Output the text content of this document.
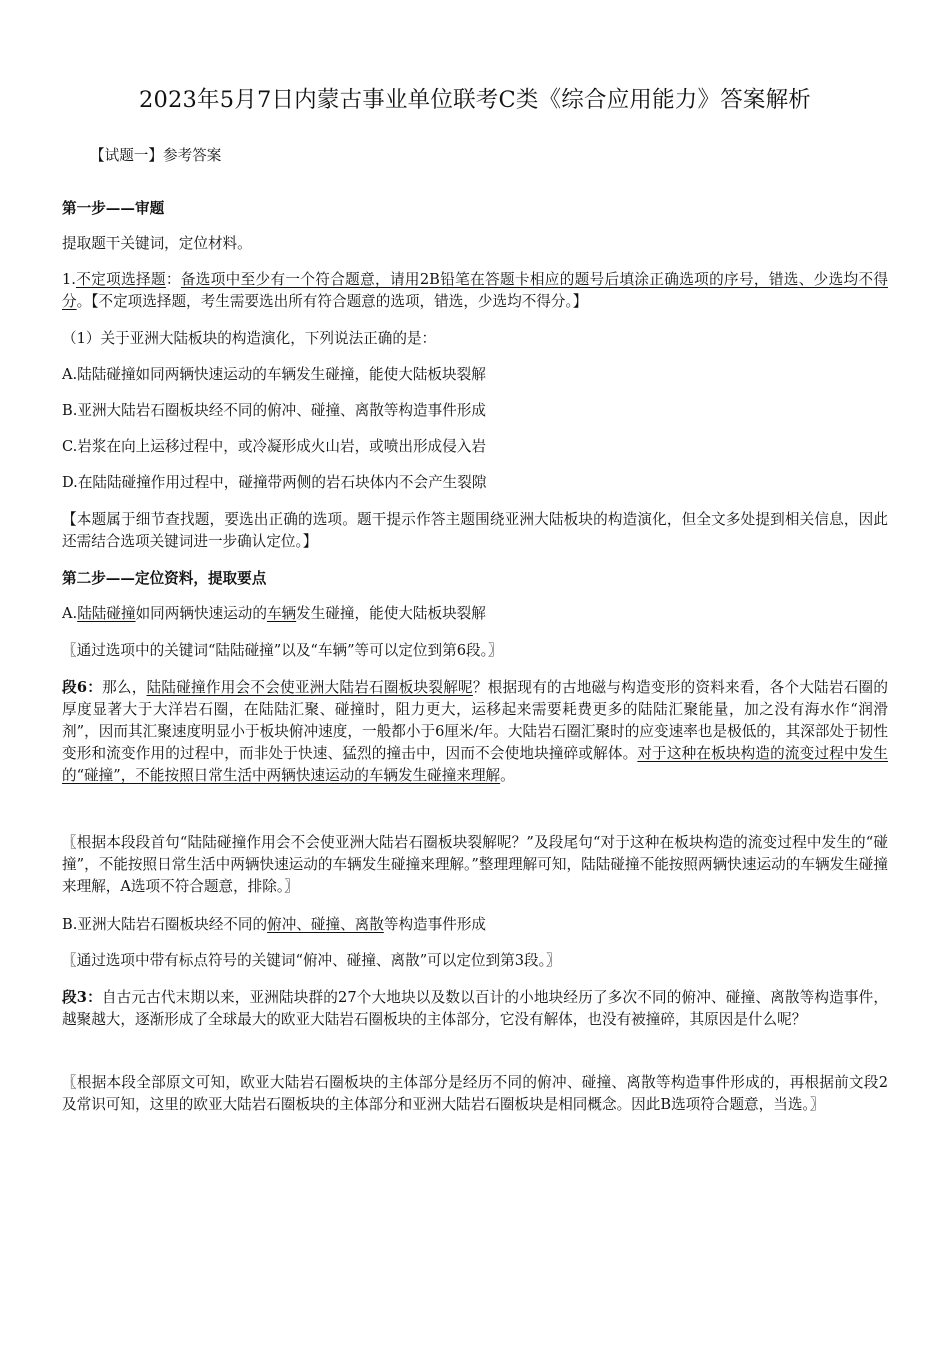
2023年5月7日内蒙古事业单位联考C类《综合应用能力》答案解析
【试题一】参考答案
第一步——审题
提取题干关键词，定位材料。
1.不定项选择题：备选项中至少有一个符合题意，请用2B铅笔在答题卡相应的题号后填涂正确选项的序号，错选、少选均不得分。【不定项选择题，考生需要选出所有符合题意的选项，错选，少选均不得分。】
（1）关于亚洲大陆板块的构造演化，下列说法正确的是：
A.陆陆碰撞如同两辆快速运动的车辆发生碰撞，能使大陆板块裂解
B.亚洲大陆岩石圈板块经不同的俯冲、碰撞、离散等构造事件形成
C.岩浆在向上运移过程中，或冷凝形成火山岩，或喷出形成侵入岩
D.在陆陆碰撞作用过程中，碰撞带两侧的岩石块体内不会产生裂隙
【本题属于细节查找题，要选出正确的选项。题干提示作答主题围绕亚洲大陆板块的构造演化，但全文多处提到相关信息，因此还需结合选项关键词进一步确认定位。】
第二步——定位资料，提取要点
A.陆陆碰撞如同两辆快速运动的车辆发生碰撞，能使大陆板块裂解
〖通过选项中的关键词“陆陆碰撞”以及“车辆”等可以定位到第6段。〗
段6：那么，陆陆碰撞作用会不会使亚洲大陆岩石圈板块裂解呢？根据现有的古地磁与构造变形的资料来看，各个大陆岩石圈的厚度显著大于大洋岩石圈，在陆陆汇聚、碰撞时，阻力更大，运移起来需要耗费更多的陆陆汇聚能量，加之没有海水作“润滑剂”，因而其汇聚速度明显小于板块俯冲速度，一般都小于6厘米/年。大陆岩石圈汇聚时的应变速率也是极低的，其深部处于韧性变形和流变作用的过程中，而非处于快速、猛烈的撞击中，因而不会使地块撞碎或解体。对于这种在板块构造的流变过程中发生的“碰撞”，不能按照日常生活中两辆快速运动的车辆发生碰撞来理解。
〖根据本段段首句“陆陆碰撞作用会不会使亚洲大陆岩石圈板块裂解呢？”及段尾句“对于这种在板块构造的流变过程中发生的“碰撞”，不能按照日常生活中两辆快速运动的车辆发生碰撞来理解。”整理理解可知，陆陆碰撞不能按照两辆快速运动的车辆发生碰撞来理解，A选项不符合题意，排除。〗
B.亚洲大陆岩石圈板块经不同的俯冲、碰撞、离散等构造事件形成
〖通过选项中带有标点符号的关键词“俯冲、碰撞、离散”可以定位到第3段。〗
段3：自古元古代末期以来，亚洲陆块群的27个大地块以及数以百计的小地块经历了多次不同的俯冲、碰撞、离散等构造事件，越聚越大，逐渐形成了全球最大的欧亚大陆岩石圈板块的主体部分，它没有解体，也没有被撞碎，其原因是什么呢？
〖根据本段全部原文可知，欧亚大陆岩石圈板块的主体部分是经历不同的俯冲、碰撞、离散等构造事件形成的，再根据前文段2及常识可知，这里的欧亚大陆岩石圈板块的主体部分和亚洲大陆岩石圈板块是相同概念。因此B选项符合题意，当选。〗
